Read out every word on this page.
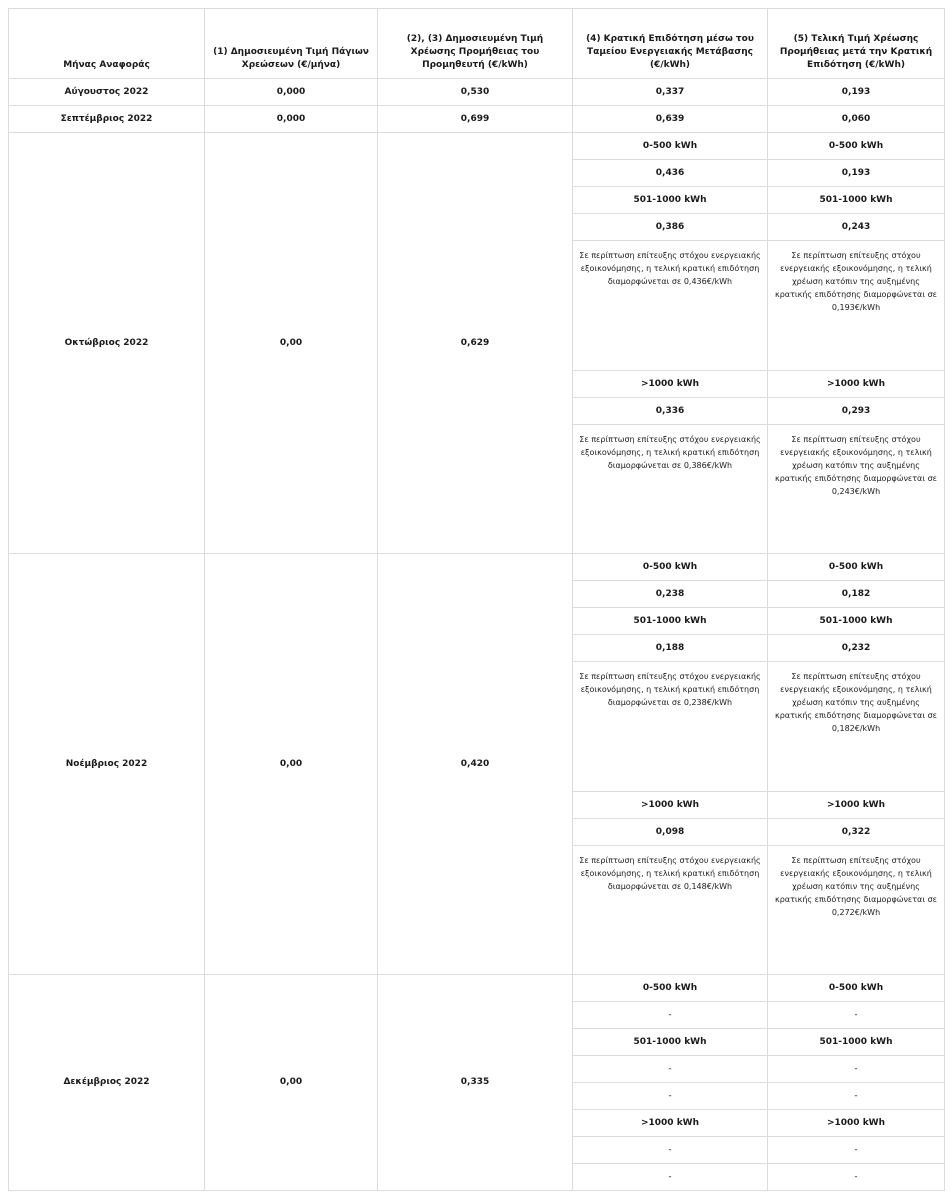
Μήνας Αναφοράς	(1) Δημοσιευμένη Τιμή Πάγιων Χρεώσεων (€/μήνα)	(2), (3) Δημοσιευμένη Τιμή Χρέωσης Προμήθειας του Προμηθευτή (€/kWh)	(4) Κρατική Επιδότηση μέσω του Ταμείου Ενεργειακής Μετάβασης (€/kWh)	(5) Τελική Τιμή Χρέωσης Προμήθειας μετά την Κρατική Επιδότηση (€/kWh)
Αύγουστος 2022	0,000	0,530	0,337	0,193
Σεπτέμβριος 2022	0,000	0,699	0,639	0,060
Οκτώβριος 2022	0,00	0,629	0-500 kWh	0-500 kWh
			0,436	0,193
			501-1000 kWh	501-1000 kWh
			0,386	0,243
			Σε περίπτωση επίτευξης στόχου ενεργειακής εξοικονόμησης, η τελική κρατική επιδότηση διαμορφώνεται σε 0,436€/kWh	Σε περίπτωση επίτευξης στόχου ενεργειακής εξοικονόμησης, η τελική χρέωση κατόπιν της αυξημένης κρατικής επιδότησης διαμορφώνεται σε 0,193€/kWh
			>1000 kWh	>1000 kWh
			0,336	0,293
			Σε περίπτωση επίτευξης στόχου ενεργειακής εξοικονόμησης, η τελική κρατική επιδότηση διαμορφώνεται σε 0,386€/kWh	Σε περίπτωση επίτευξης στόχου ενεργειακής εξοικονόμησης, η τελική χρέωση κατόπιν της αυξημένης κρατικής επιδότησης διαμορφώνεται σε 0,243€/kWh
Νοέμβριος 2022	0,00	0,420	0-500 kWh	0-500 kWh
			0,238	0,182
			501-1000 kWh	501-1000 kWh
			0,188	0,232
			Σε περίπτωση επίτευξης στόχου ενεργειακής εξοικονόμησης, η τελική κρατική επιδότηση διαμορφώνεται σε 0,238€/kWh	Σε περίπτωση επίτευξης στόχου ενεργειακής εξοικονόμησης, η τελική χρέωση κατόπιν της αυξημένης κρατικής επιδότησης διαμορφώνεται σε 0,182€/kWh
			>1000 kWh	>1000 kWh
			0,098	0,322
			Σε περίπτωση επίτευξης στόχου ενεργειακής εξοικονόμησης, η τελική κρατική επιδότηση διαμορφώνεται σε 0,148€/kWh	Σε περίπτωση επίτευξης στόχου ενεργειακής εξοικονόμησης, η τελική χρέωση κατόπιν της αυξημένης κρατικής επιδότησης διαμορφώνεται σε 0,272€/kWh
Δεκέμβριος 2022	0,00	0,335	0-500 kWh	0-500 kWh
			-	-
			501-1000 kWh	501-1000 kWh
			-	-
			-	-
			>1000 kWh	>1000 kWh
			-	-
			-	-
